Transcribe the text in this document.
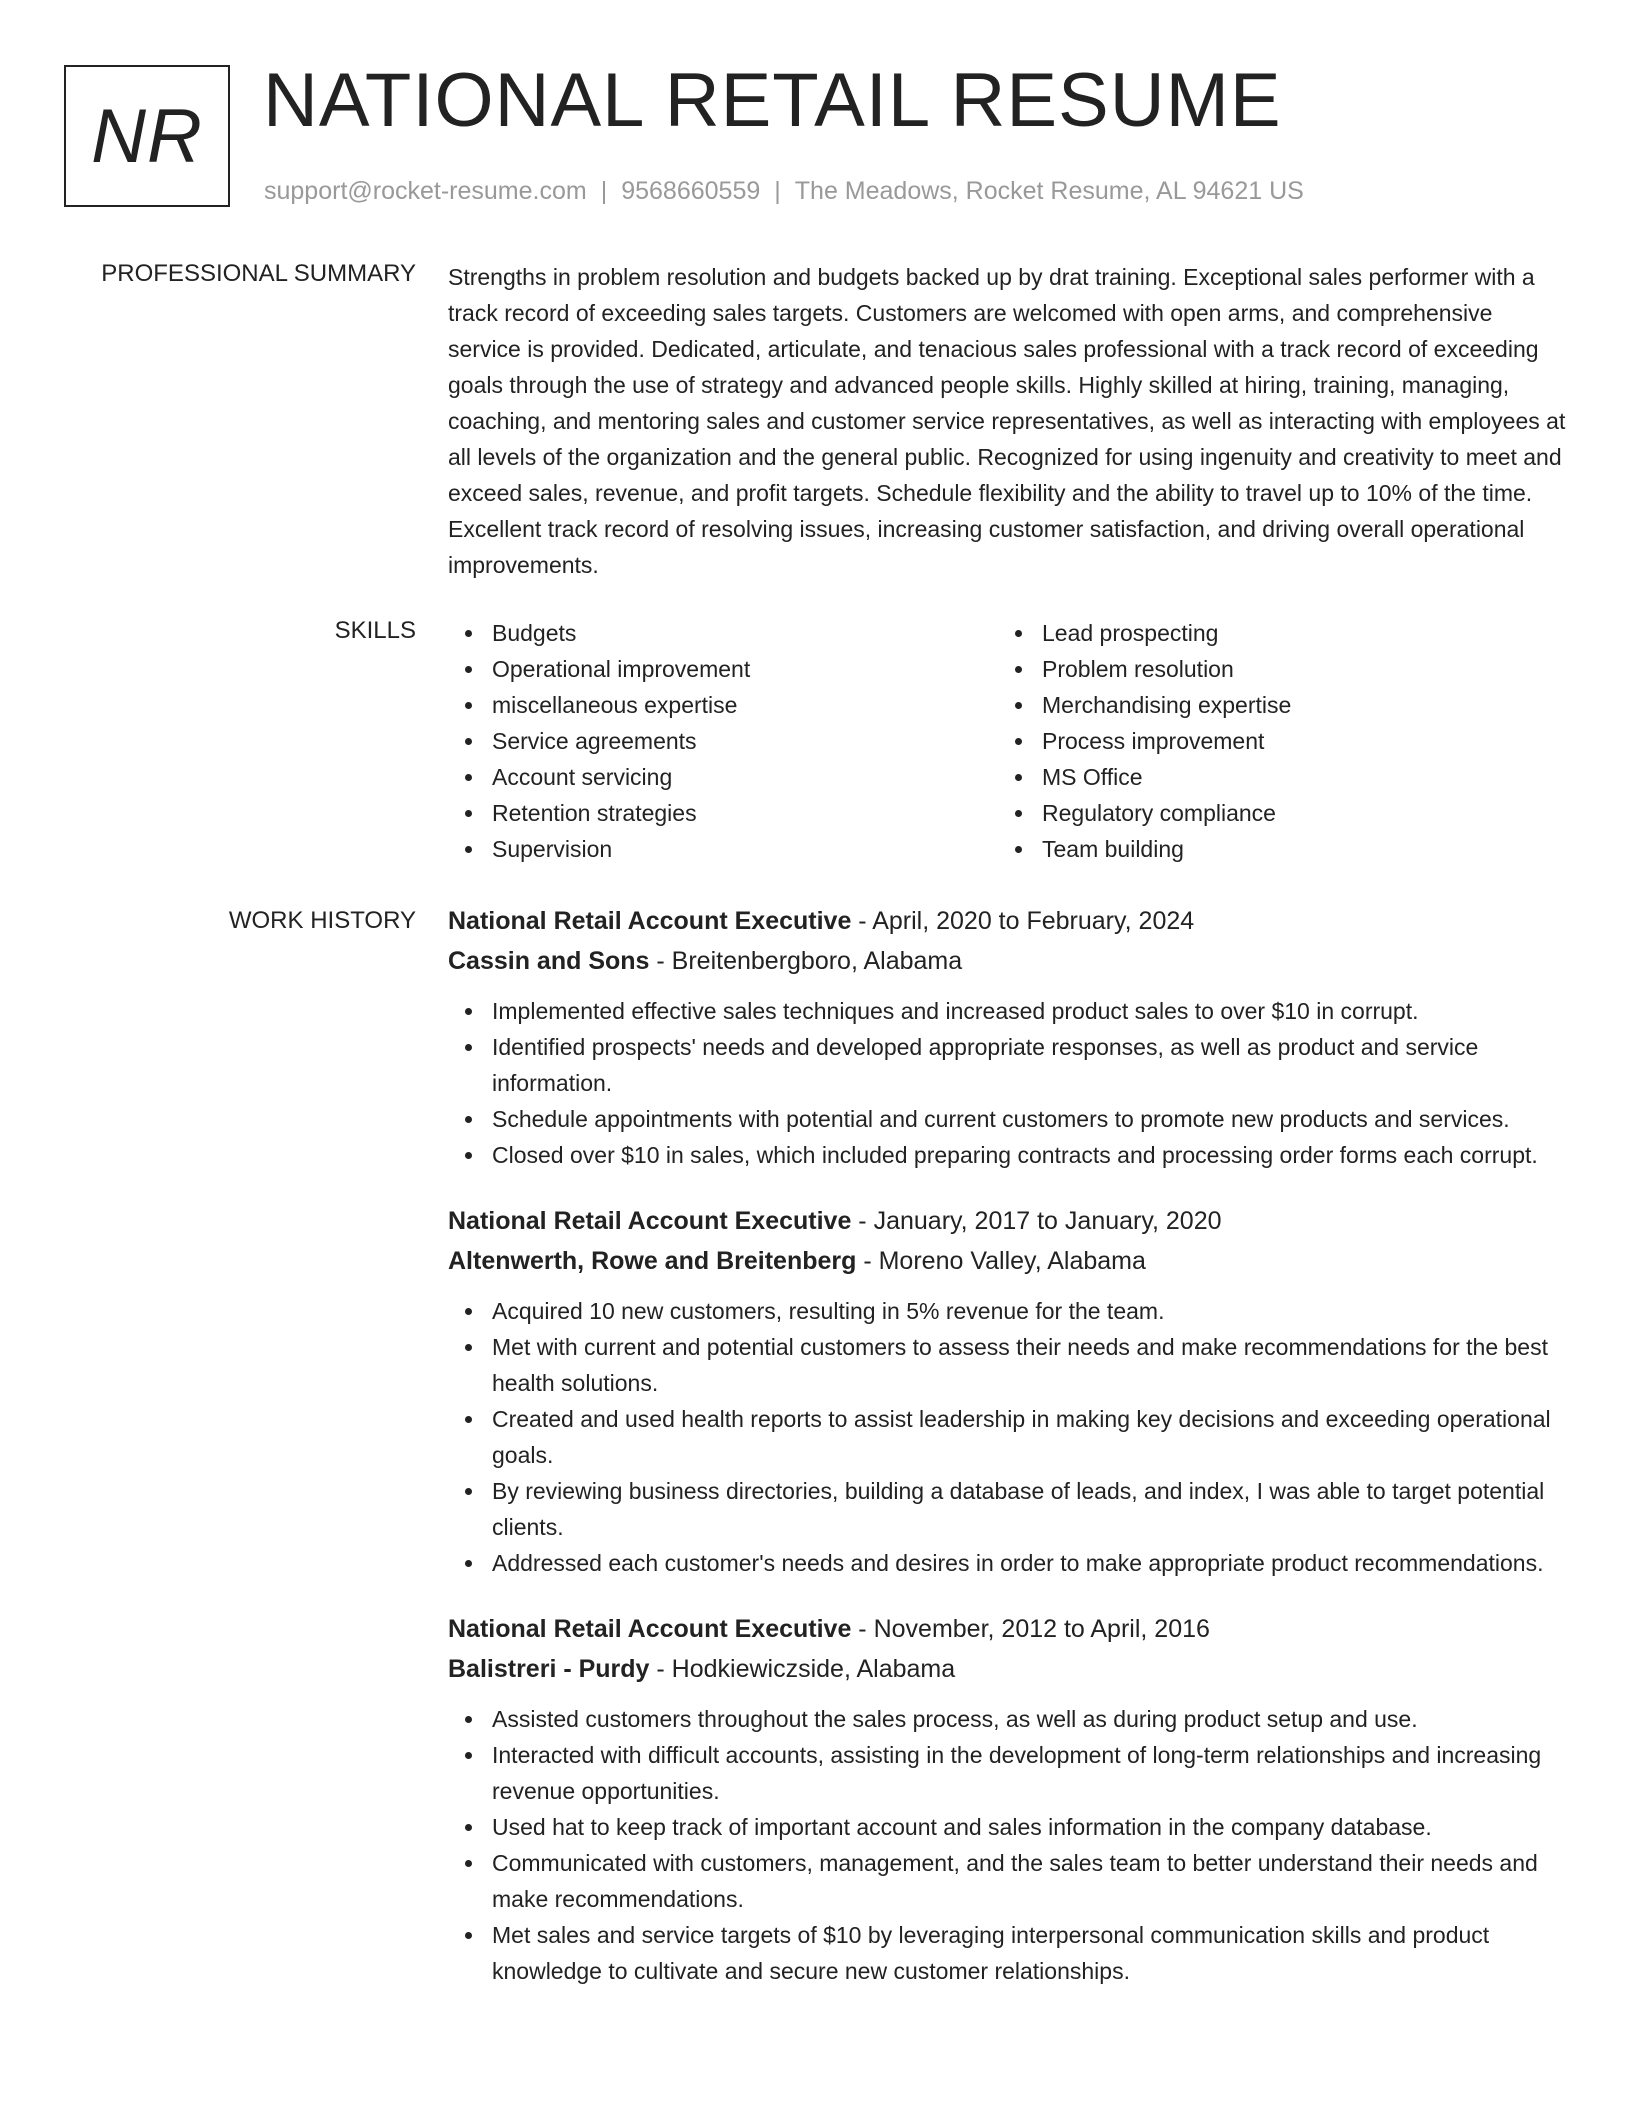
NR NATIONAL RETAIL RESUME
support@rocket-resume.com | 9568660559 | The Meadows, Rocket Resume, AL 94621 US
PROFESSIONAL SUMMARY Strengths in problem resolution and budgets backed up by drat training. Exceptional sales performer with a track record of exceeding sales targets. Customers are welcomed with open arms, and comprehensive service is provided. Dedicated, articulate, and tenacious sales professional with a track record of exceeding goals through the use of strategy and advanced people skills. Highly skilled at hiring, training, managing, coaching, and mentoring sales and customer service representatives, as well as interacting with employees at all levels of the organization and the general public. Recognized for using ingenuity and creativity to meet and exceed sales, revenue, and profit targets. Schedule flexibility and the ability to travel up to 10% of the time. Excellent track record of resolving issues, increasing customer satisfaction, and driving overall operational improvements.

SKILLS	Budgets
Operational improvement
miscellaneous expertise
Service agreements
Account servicing
Retention strategies
Supervision
Lead prospecting
Problem resolution
Merchandising expertise
Process improvement
MS Office
Regulatory compliance
Team building
WORK HISTORY National Retail Account Executive - April, 2020 to February, 2024
Cassin and Sons - Breitenbergboro, Alabama
Implemented effective sales techniques and increased product sales to over $10 in corrupt.
Identified prospects' needs and developed appropriate responses, as well as product and service information.
Schedule appointments with potential and current customers to promote new products and services.
Closed over $10 in sales, which included preparing contracts and processing order forms each corrupt.
National Retail Account Executive - January, 2017 to January, 2020
Altenwerth, Rowe and Breitenberg - Moreno Valley, Alabama
Acquired 10 new customers, resulting in 5% revenue for the team.
Met with current and potential customers to assess their needs and make recommendations for the best health solutions.
Created and used health reports to assist leadership in making key decisions and exceeding operational goals.
By reviewing business directories, building a database of leads, and index, I was able to target potential clients.
Addressed each customer's needs and desires in order to make appropriate product recommendations.
National Retail Account Executive - November, 2012 to April, 2016
Balistreri - Purdy - Hodkiewiczside, Alabama
Assisted customers throughout the sales process, as well as during product setup and use.
Interacted with difficult accounts, assisting in the development of long-term relationships and increasing revenue opportunities.
Used hat to keep track of important account and sales information in the company database.
Communicated with customers, management, and the sales team to better understand their needs and make recommendations.
Met sales and service targets of $10 by leveraging interpersonal communication skills and product knowledge to cultivate and secure new customer relationships.
